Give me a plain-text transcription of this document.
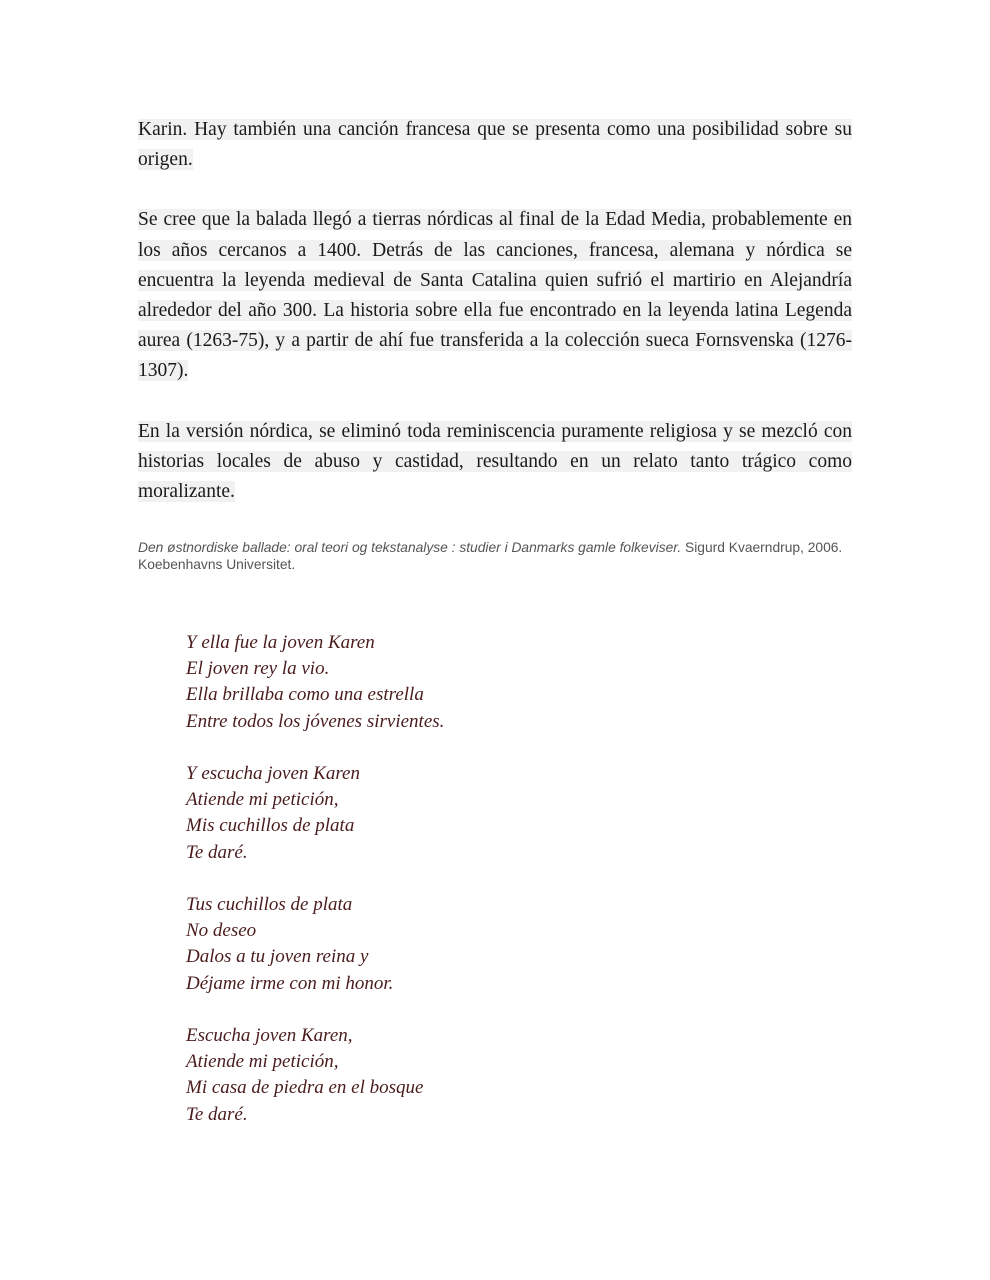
Karin. Hay también una canción francesa que se presenta como una posibilidad sobre su origen.

Se cree que la balada llegó a tierras nórdicas al final de la Edad Media, probablemente en los años cercanos a 1400. Detrás de las canciones, francesa, alemana y nórdica se encuentra la leyenda medieval de Santa Catalina quien sufrió el martirio en Alejandría alrededor del año 300. La historia sobre ella fue encontrado en la leyenda latina Legenda aurea (1263-75), y a partir de ahí fue transferida a la colección sueca Fornsvenska (1276-1307).

En la versión nórdica, se eliminó toda reminiscencia puramente religiosa y se mezcló con historias locales de abuso y castidad, resultando en un relato tanto trágico como moralizante.

Den østnordiske ballade: oral teori og tekstanalyse : studier i Danmarks gamle folkeviser. Sigurd Kvaerndrup, 2006. Koebenhavns Universitet.

Y ella fue la joven Karen
El joven rey la vio.
Ella brillaba como una estrella
Entre todos los jóvenes sirvientes.
Y escucha joven Karen
Atiende mi petición,
Mis cuchillos de plata
Te daré.
Tus cuchillos de plata
No deseo
Dalos a tu joven reina y
Déjame irme con mi honor.
Escucha joven Karen,
Atiende mi petición,
Mi casa de piedra en el bosque
Te daré.
